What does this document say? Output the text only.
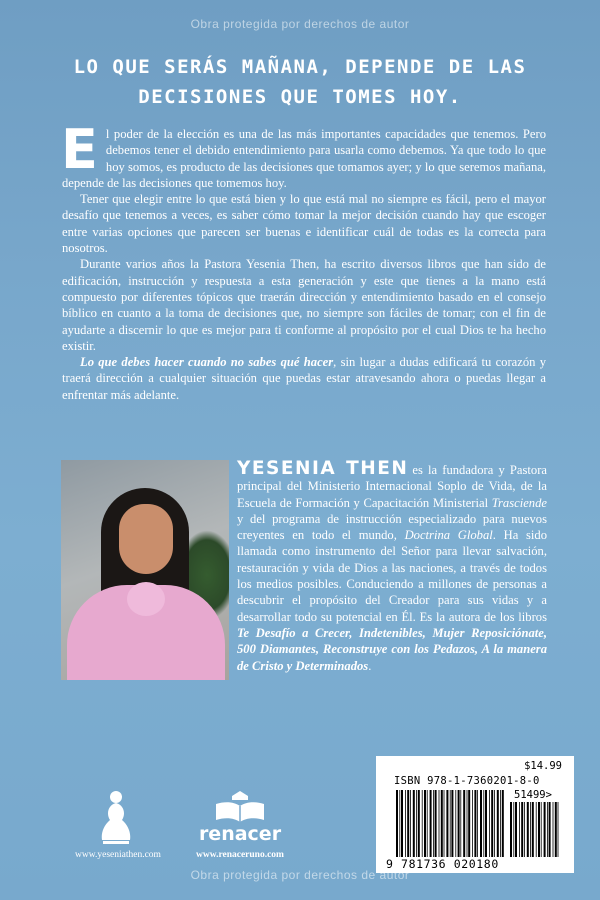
Obra protegida por derechos de autor
LO QUE SERÁS MAÑANA, DEPENDE DE LAS DECISIONES QUE TOMES HOY.

El poder de la elección es una de las más importantes capacidades que tenemos. Pero debemos tener el debido entendimiento para usarla como debemos. Ya que todo lo que hoy somos, es producto de las decisiones que tomamos ayer; y lo que seremos mañana, depende de las decisiones que tomemos hoy.

Tener que elegir entre lo que está bien y lo que está mal no siempre es fácil, pero el mayor desafío que tenemos a veces, es saber cómo tomar la mejor decisión cuando hay que escoger entre varias opciones que parecen ser buenas e identificar cuál de todas es la correcta para nosotros.

Durante varios años la Pastora Yesenia Then, ha escrito diversos libros que han sido de edificación, instrucción y respuesta a esta generación y este que tienes a la mano está compuesto por diferentes tópicos que traerán dirección y entendimiento basado en el consejo bíblico en cuanto a la toma de decisiones que, no siempre son fáciles de tomar; con el fin de ayudarte a discernir lo que es mejor para ti conforme al propósito por el cual Dios te ha hecho existir.

Lo que debes hacer cuando no sabes qué hacer, sin lugar a dudas edificará tu corazón y traerá dirección a cualquier situación que puedas estar atravesando ahora o puedas llegar a enfrentar más adelante.

YESENIA THEN es la fundadora y Pastora principal del Ministerio Internacional Soplo de Vida, de la Escuela de Formación y Capacitación Ministerial Trasciende y del programa de instrucción especializado para nuevos creyentes en todo el mundo, Doctrina Global. Ha sido llamada como instrumento del Señor para llevar salvación, restauración y vida de Dios a las naciones, a través de todos los medios posibles. Conduciendo a millones de personas a descubrir el propósito del Creador para sus vidas y a desarrollar todo su potencial en Él. Es la autora de los libros Te Desafío a Crecer, Indetenibles, Mujer Reposiciónate, 500 Diamantes, Reconstruye con los Pedazos, A la manera de Cristo y Determinados.
www.yeseniathen.com
renacer
www.renaceruno.com
$14.99
ISBN 978-1-7360201-8-0
51499>
9 781736 020180
Obra protegida por derechos de autor
